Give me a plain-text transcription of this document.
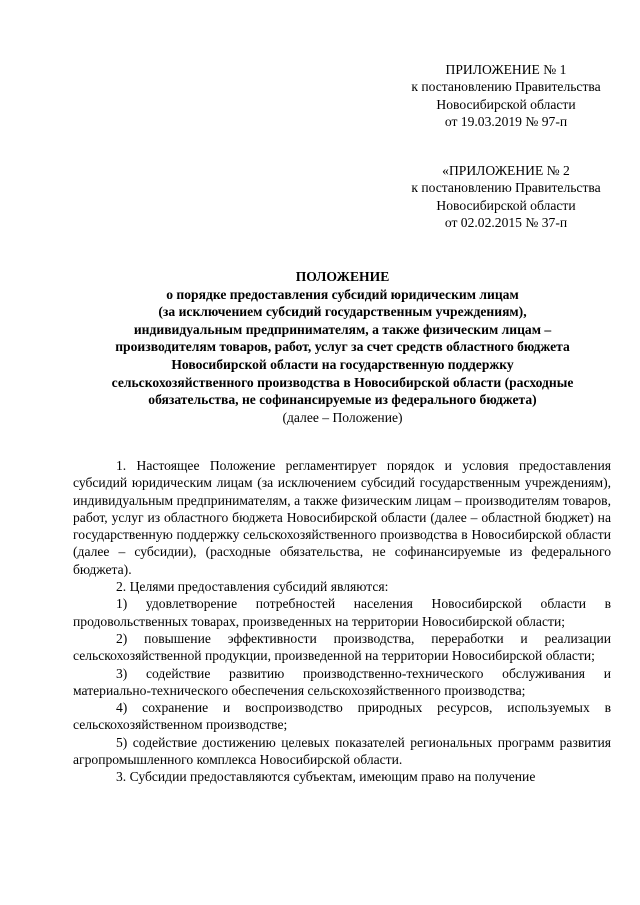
ПРИЛОЖЕНИЕ № 1
к постановлению Правительства
Новосибирской области
от 19.03.2019 № 97-п
«ПРИЛОЖЕНИЕ № 2
к постановлению Правительства
Новосибирской области
от 02.02.2015 № 37-п
ПОЛОЖЕНИЕ
о порядке предоставления субсидий юридическим лицам
(за исключением субсидий государственным учреждениям),
индивидуальным предпринимателям, а также физическим лицам –
производителям товаров, работ, услуг за счет средств областного бюджета
Новосибирской области на государственную поддержку
сельскохозяйственного производства в Новосибирской области (расходные
обязательства, не софинансируемые из федерального бюджета)
(далее – Положение)

1. Настоящее Положение регламентирует порядок и условия предоставления субсидий юридическим лицам (за исключением субсидий государственным учреждениям), индивидуальным предпринимателям, а также физическим лицам – производителям товаров, работ, услуг из областного бюджета Новосибирской области (далее – областной бюджет) на государственную поддержку сельскохозяйственного производства в Новосибирской области (далее – субсидии), (расходные обязательства, не софинансируемые из федерального бюджета).

2. Целями предоставления субсидий являются:

1) удовлетворение потребностей населения Новосибирской области в продовольственных товарах, произведенных на территории Новосибирской области;

2) повышение эффективности производства, переработки и реализации сельскохозяйственной продукции, произведенной на территории Новосибирской области;

3) содействие развитию производственно-технического обслуживания и материально-технического обеспечения сельскохозяйственного производства;

4) сохранение и воспроизводство природных ресурсов, используемых в сельскохозяйственном производстве;

5) содействие достижению целевых показателей региональных программ развития агропромышленного комплекса Новосибирской области.

3. Субсидии предоставляются субъектам, имеющим право на получение
